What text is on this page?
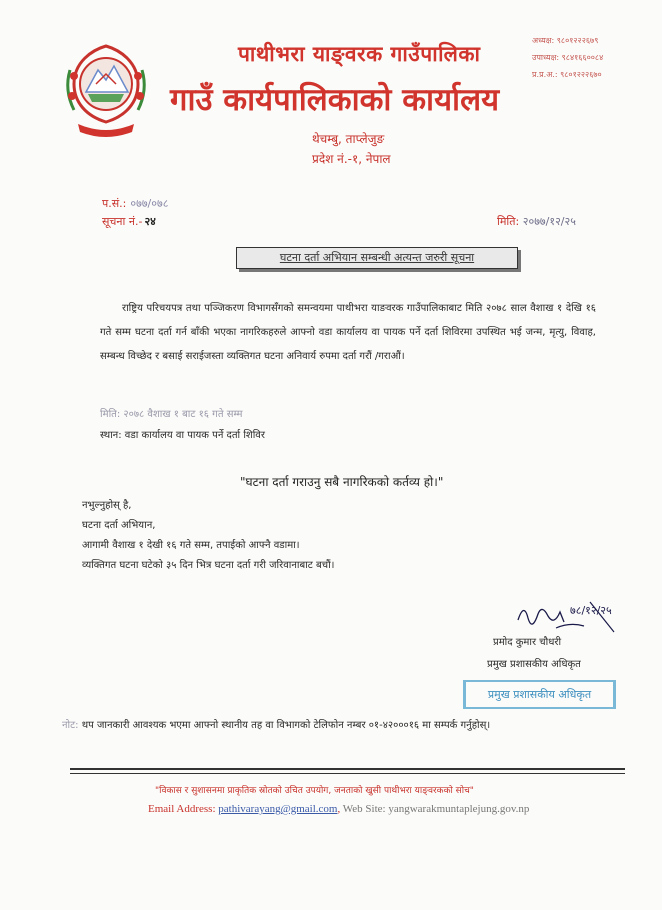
पाथीभरा याङ्वरक गाउँपालिका
गाउँ कार्यपालिकाको कार्यालय
थेचम्बु, ताप्लेजुङ
प्रदेश नं.-१, नेपाल
अध्यक्ष: ९८०१२२२६७९
उपाध्यक्ष: ९८४१६६००८४
प्र.प्र.अ.: ९८०१२२२६७०
प.सं.: ०७७/०७८
सूचना नं.- २४	मिति: २०७७/१२/२५
घटना दर्ता अभियान सम्बन्धी अत्यन्त जरुरी सूचना
राष्ट्रिय परिचयपत्र तथा पञ्जिकरण विभागसँगको समन्वयमा पाथीभरा याङवरक गाउँपालिकाबाट मिति २०७८ साल वैशाख १ देखि १६ गते सम्म घटना दर्ता गर्न बाँकी भएका नागरिकहरुले आफ्नो वडा कार्यालय वा पायक पर्ने दर्ता शिविरमा उपस्थित भई जन्म, मृत्यु, विवाह, सम्बन्ध विच्छेद र बसाई सराईजस्ता व्यक्तिगत घटना अनिवार्य रुपमा दर्ता गरौं /गराऔं।
मिति: २०७८ वैशाख १ बाट १६ गते सम्म
स्थान: वडा कार्यालय वा पायक पर्ने दर्ता शिविर
"घटना दर्ता गराउनु सबै नागरिकको कर्तव्य हो।"
नभुल्नुहोस् है,
घटना दर्ता अभियान,
आगामी वैशाख १ देखी १६ गते सम्म, तपाईको आफ्नै वडामा।
व्यक्तिगत घटना घटेको ३५ दिन भित्र घटना दर्ता गरी जरिवानाबाट बचौं।
७८/१२/२५
प्रमोद कुमार चौधरी
प्रमुख प्रशासकीय अधिकृत
प्रमुख प्रशासकीय अधिकृत
नोट: थप जानकारी आवश्यक भएमा आफ्नो स्थानीय तह वा विभागको टेलिफोन नम्बर ०१-४२०००१६ मा सम्पर्क गर्नुहोस्।
"विकास र सुशासनमा प्राकृतिक स्रोतको उचित उपयोग, जनताको खुसी पाथीभरा याङ्वरकको सोच"
Email Address: pathivarayang@gmail.com, Web Site: yangwarakmuntaplejung.gov.np
